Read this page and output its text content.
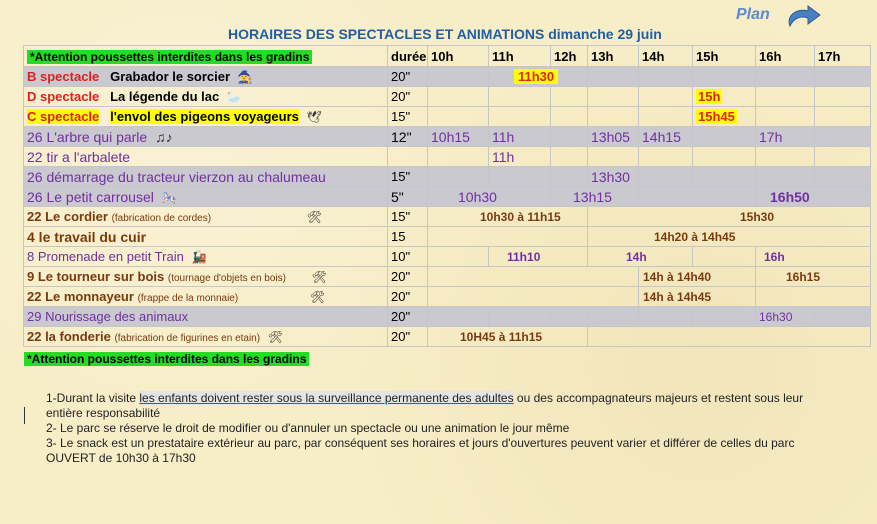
HORAIRES DES SPECTACLES ET ANIMATIONS dimanche 29 juin
Plan
*Attention poussettes interdites dans les gradins	durée	10h	11h	12h	13h	14h	15h	16h	17h
B spectacle Grabador le sorcier 🧙	20"		11h30						
D spectacle La légende du lac 🦢	20"						15h		
C spectacle l'envol des pigeons voyageurs 🕊	15"						15h45		
26 L'arbre qui parle ♫♪	12"	10h15	11h		13h05	14h15		17h	
22 tir a l'arbalete			11h						
26 démarrage du tracteur vierzon au chalumeau	15"				13h30				
26 Le petit carrousel 🎠	5"	10h30		13h15				16h50	
22 Le cordier (fabrication de cordes) 🛠	15"	10h30 à 11h15			15h30				
4 le travail du cuir	15				14h20 à 14h45				
8 Promenade en petit Train 🚂	10"		11h10		14h			16h	
9 Le tourneur sur bois (tournage d'objets en bois) 🛠	20"					14h à 14h40		16h15	
22 Le monnayeur (frappe de la monnaie) 🛠	20"					14h à 14h45			
29 Nourissage des animaux	20"							16h30	
22 la fonderie (fabrication de figurines en etain) 🛠	20"	10H45 à 11h15							
*Attention poussettes interdites dans les gradins
1-Durant la visite les enfants doivent rester sous la surveillance permanente des adultes ou des accompagnateurs majeurs et restent sous leur entière responsabilité
2- Le parc se réserve le droit de modifier ou d'annuler un spectacle ou une animation le jour même
3- Le snack est un prestataire extérieur au parc, par conséquent ses horaires et jours d'ouvertures peuvent varier et différer de celles du parc OUVERT de 10h30 à 17h30
